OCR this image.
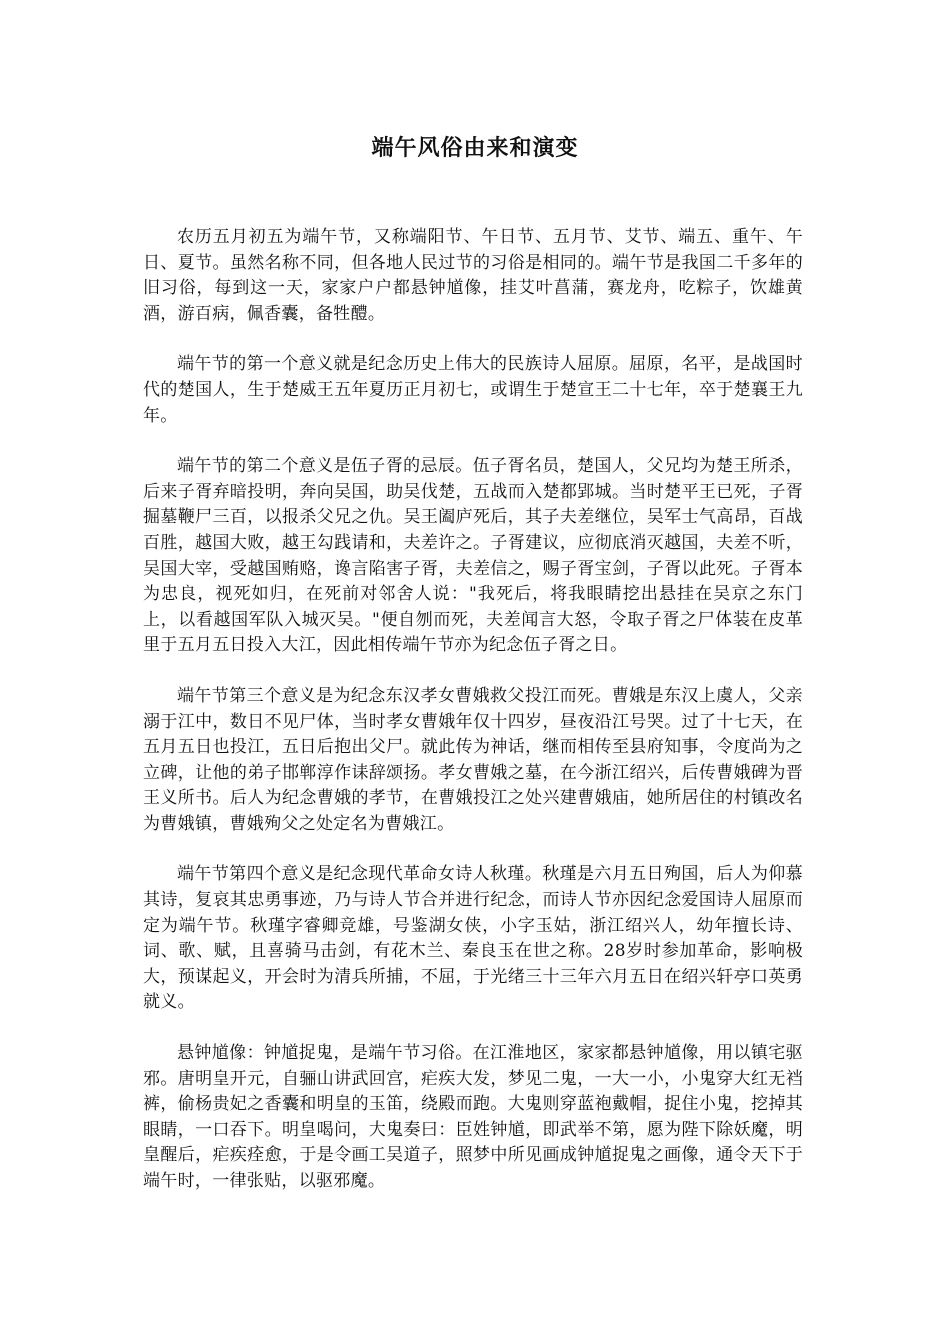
端午风俗由来和演变

农历五月初五为端午节，又称端阳节、午日节、五月节、艾节、端五、重午、午日、夏节。虽然名称不同，但各地人民过节的习俗是相同的。端午节是我国二千多年的旧习俗，每到这一天，家家户户都悬钟馗像，挂艾叶菖蒲，赛龙舟，吃粽子，饮雄黄酒，游百病，佩香囊，备牲醴。

端午节的第一个意义就是纪念历史上伟大的民族诗人屈原。屈原，名平，是战国时代的楚国人，生于楚威王五年夏历正月初七，或谓生于楚宣王二十七年，卒于楚襄王九年。

端午节的第二个意义是伍子胥的忌辰。伍子胥名员，楚国人，父兄均为楚王所杀，后来子胥弃暗投明，奔向吴国，助吴伐楚，五战而入楚都郢城。当时楚平王已死，子胥掘墓鞭尸三百，以报杀父兄之仇。吴王阖庐死后，其子夫差继位，吴军士气高昂，百战百胜，越国大败，越王勾践请和，夫差许之。子胥建议，应彻底消灭越国，夫差不听，吴国大宰，受越国贿赂，谗言陷害子胥，夫差信之，赐子胥宝剑，子胥以此死。子胥本为忠良，视死如归，在死前对邻舍人说："我死后，将我眼睛挖出悬挂在吴京之东门上，以看越国军队入城灭吴。"便自刎而死，夫差闻言大怒，令取子胥之尸体装在皮革里于五月五日投入大江，因此相传端午节亦为纪念伍子胥之日。

端午节第三个意义是为纪念东汉孝女曹娥救父投江而死。曹娥是东汉上虞人，父亲溺于江中，数日不见尸体，当时孝女曹娥年仅十四岁，昼夜沿江号哭。过了十七天，在五月五日也投江，五日后抱出父尸。就此传为神话，继而相传至县府知事，令度尚为之立碑，让他的弟子邯郸淳作诔辞颂扬。孝女曹娥之墓，在今浙江绍兴，后传曹娥碑为晋王义所书。后人为纪念曹娥的孝节，在曹娥投江之处兴建曹娥庙，她所居住的村镇改名为曹娥镇，曹娥殉父之处定名为曹娥江。

端午节第四个意义是纪念现代革命女诗人秋瑾。秋瑾是六月五日殉国，后人为仰慕其诗，复哀其忠勇事迹，乃与诗人节合并进行纪念，而诗人节亦因纪念爱国诗人屈原而定为端午节。秋瑾字睿卿竞雄，号鉴湖女侠，小字玉姑，浙江绍兴人，幼年擅长诗、词、歌、赋，且喜骑马击剑，有花木兰、秦良玉在世之称。28岁时参加革命，影响极大，预谋起义，开会时为清兵所捕，不屈，于光绪三十三年六月五日在绍兴轩亭口英勇就义。

悬钟馗像：钟馗捉鬼，是端午节习俗。在江淮地区，家家都悬钟馗像，用以镇宅驱邪。唐明皇开元，自骊山讲武回宫，疟疾大发，梦见二鬼，一大一小，小鬼穿大红无裆裤，偷杨贵妃之香囊和明皇的玉笛，绕殿而跑。大鬼则穿蓝袍戴帽，捉住小鬼，挖掉其眼睛，一口吞下。明皇喝问，大鬼奏曰：臣姓钟馗，即武举不第，愿为陛下除妖魔，明皇醒后，疟疾痊愈，于是令画工吴道子，照梦中所见画成钟馗捉鬼之画像，通令天下于端午时，一律张贴，以驱邪魔。
